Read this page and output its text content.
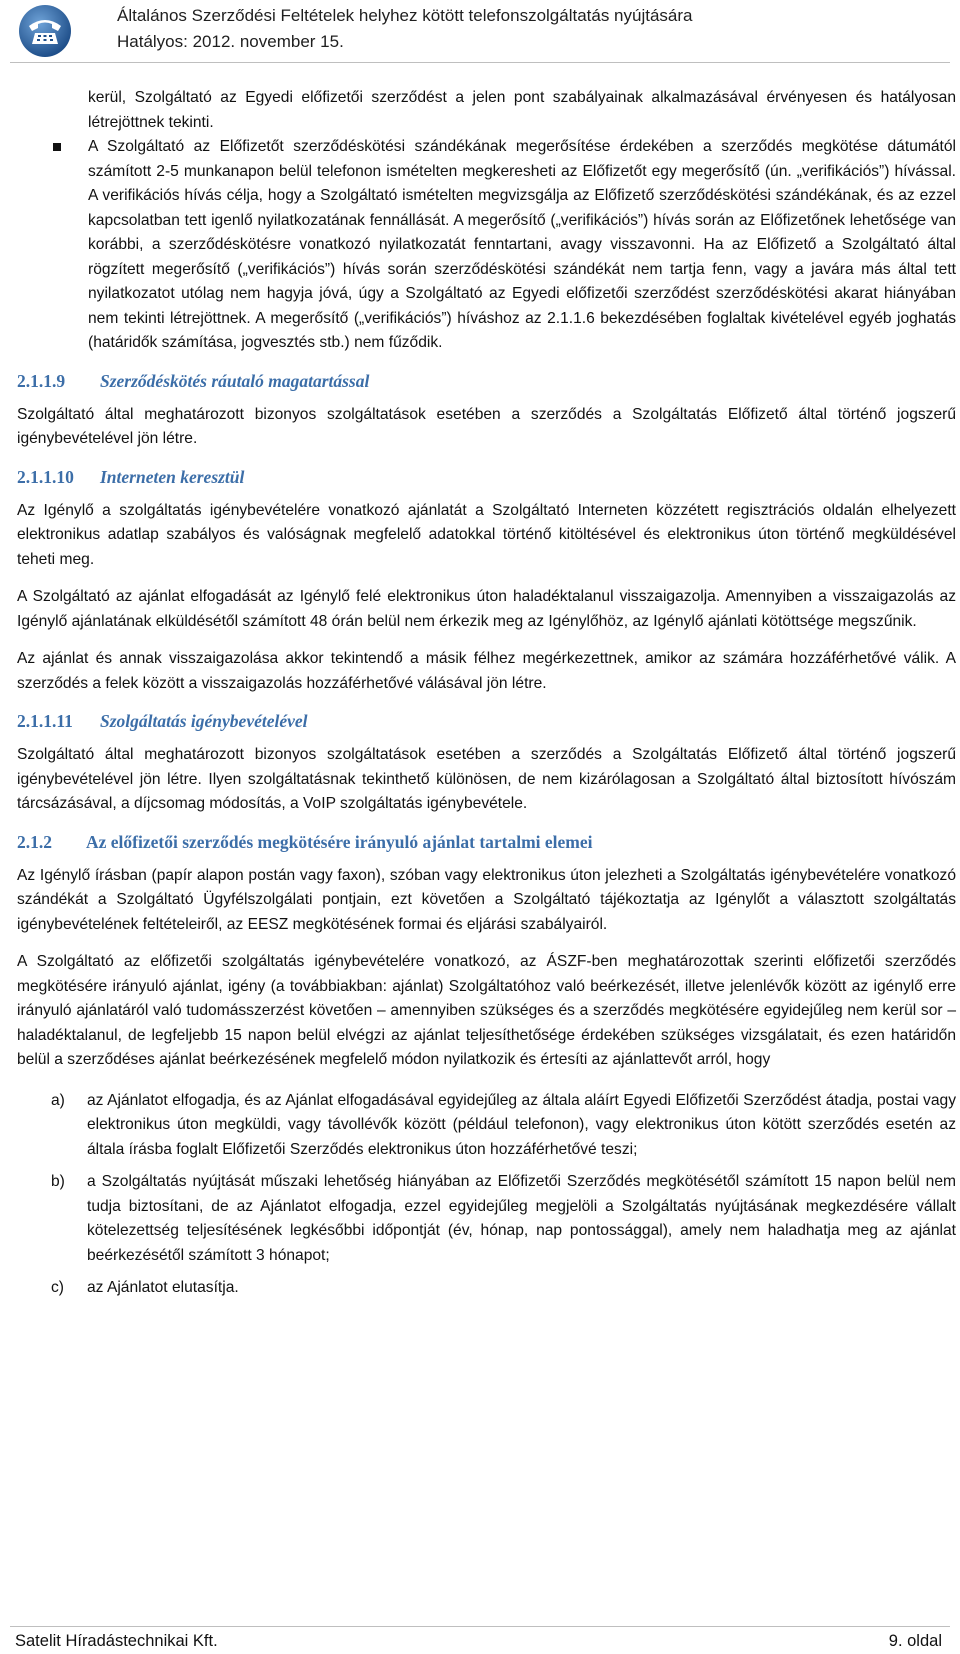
Általános Szerződési Feltételek helyhez kötött telefonszolgáltatás nyújtására
Hatályos: 2012. november 15.

kerül, Szolgáltató az Egyedi előfizetői szerződést a jelen pont szabályainak alkalmazásával érvényesen és hatályosan létrejöttnek tekinti.

A Szolgáltató az Előfizetőt szerződéskötési szándékának megerősítése érdekében a szerződés megkötése dátumától számított 2-5 munkanapon belül telefonon ismételten megkeresheti az Előfizetőt egy megerősítő (ún. „verifikációs”) hívással. A verifikációs hívás célja, hogy a Szolgáltató ismételten megvizsgálja az Előfizető szerződéskötési szándékának, és az ezzel kapcsolatban tett igenlő nyilatkozatának fennállását. A megerősítő („verifikációs”) hívás során az Előfizetőnek lehetősége van korábbi, a szerződéskötésre vonatkozó nyilatkozatát fenntartani, avagy visszavonni. Ha az Előfizető a Szolgáltató által rögzített megerősítő („verifikációs”) hívás során szerződéskötési szándékát nem tartja fenn, vagy a javára más által tett nyilatkozatot utólag nem hagyja jóvá, úgy a Szolgáltató az Egyedi előfizetői szerződést szerződéskötési akarat hiányában nem tekinti létrejöttnek. A megerősítő („verifikációs”) híváshoz az 2.1.1.6 bekezdésében foglaltak kivételével egyéb joghatás (határidők számítása, jogvesztés stb.) nem fűződik.

2.1.1.9	Szerződéskötés ráutaló magatartással

Szolgáltató által meghatározott bizonyos szolgáltatások esetében a szerződés a Szolgáltatás Előfizető által történő jogszerű igénybevételével jön létre.

2.1.1.10	Interneten keresztül

Az Igénylő a szolgáltatás igénybevételére vonatkozó ajánlatát a Szolgáltató Interneten közzétett regisztrációs oldalán elhelyezett elektronikus adatlap szabályos és valóságnak megfelelő adatokkal történő kitöltésével és elektronikus úton történő megküldésével teheti meg.

A Szolgáltató az ajánlat elfogadását az Igénylő felé elektronikus úton haladéktalanul visszaigazolja. Amennyiben a visszaigazolás az Igénylő ajánlatának elküldésétől számított 48 órán belül nem érkezik meg az Igénylőhöz, az Igénylő ajánlati kötöttsége megszűnik.

Az ajánlat és annak visszaigazolása akkor tekintendő a másik félhez megérkezettnek, amikor az számára hozzáférhetővé válik. A szerződés a felek között a visszaigazolás hozzáférhetővé válásával jön létre.

2.1.1.11	Szolgáltatás igénybevételével

Szolgáltató által meghatározott bizonyos szolgáltatások esetében a szerződés a Szolgáltatás Előfizető által történő jogszerű igénybevételével jön létre. Ilyen szolgáltatásnak tekinthető különösen, de nem kizárólagosan a Szolgáltató által biztosított hívószám tárcsázásával, a díjcsomag módosítás, a VoIP szolgáltatás igénybevétele.

2.1.2	Az előfizetői szerződés megkötésére irányuló ajánlat tartalmi elemei

Az Igénylő írásban (papír alapon postán vagy faxon), szóban vagy elektronikus úton jelezheti a Szolgáltatás igénybevételére vonatkozó szándékát a Szolgáltató Ügyfélszolgálati pontjain, ezt követően a Szolgáltató tájékoztatja az Igénylőt a választott szolgáltatás igénybevételének feltételeiről, az EESZ megkötésének formai és eljárási szabályairól.

A Szolgáltató az előfizetői szolgáltatás igénybevételére vonatkozó, az ÁSZF-ben meghatározottak szerinti előfizetői szerződés megkötésére irányuló ajánlat, igény (a továbbiakban: ajánlat) Szolgáltatóhoz való beérkezését, illetve jelenlévők között az igénylő erre irányuló ajánlatáról való tudomásszerzést követően – amennyiben szükséges és a szerződés megkötésére egyidejűleg nem kerül sor – haladéktalanul, de legfeljebb 15 napon belül elvégzi az ajánlat teljesíthetősége érdekében szükséges vizsgálatait, és ezen határidőn belül a szerződéses ajánlat beérkezésének megfelelő módon nyilatkozik és értesíti az ajánlattevőt arról, hogy

a)	az Ajánlatot elfogadja, és az Ajánlat elfogadásával egyidejűleg az általa aláírt Egyedi Előfizetői Szerződést átadja, postai vagy elektronikus úton megküldi, vagy távollévők között (például telefonon), vagy elektronikus úton kötött szerződés esetén az általa írásba foglalt Előfizetői Szerződés elektronikus úton hozzáférhetővé teszi;

b)	a Szolgáltatás nyújtását műszaki lehetőség hiányában az Előfizetői Szerződés megkötésétől számított 15 napon belül nem tudja biztosítani, de az Ajánlatot elfogadja, ezzel egyidejűleg megjelöli a Szolgáltatás nyújtásának megkezdésére vállalt kötelezettség teljesítésének legkésőbbi időpontját (év, hónap, nap pontossággal), amely nem haladhatja meg az ajánlat beérkezésétől számított 3 hónapot;

c)	az Ajánlatot elutasítja.

Satelit Híradástechnikai Kft.	9. oldal
